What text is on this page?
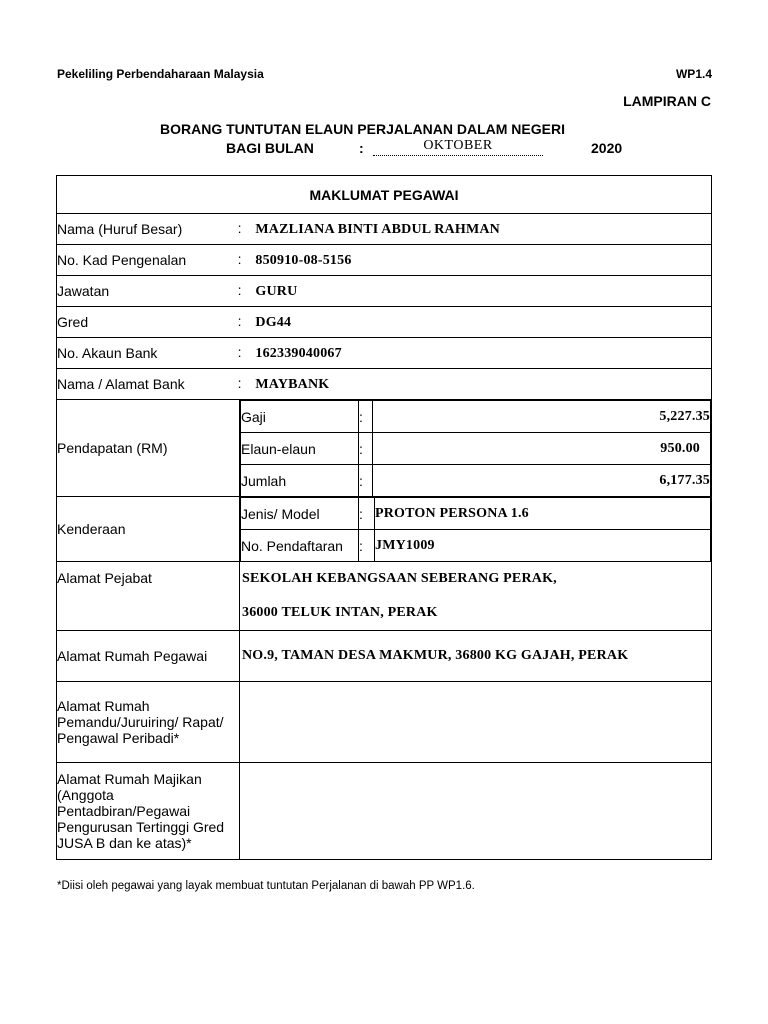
Pekeliling Perbendaharaan Malaysia	WP1.4
LAMPIRAN C
BORANG TUNTUTAN ELAUN PERJALANAN DALAM NEGERI
BAGI BULAN	:	OKTOBER	2020
MAKLUMAT PEGAWAI
Nama (Huruf Besar)	: MAZLIANA BINTI ABDUL RAHMAN
No. Kad Pengenalan	: 850910-08-5156
Jawatan	: GURU
Gred	: DG44
No. Akaun Bank	: 162339040067
Nama / Alamat Bank	: MAYBANK
Pendapatan (RM)	
Gaji	:	5,227.35
Elaun-elaun	:	950.00
Jumlah	:	6,177.35

Kenderaan	
Jenis/ Model	:	PROTON PERSONA 1.6
No. Pendaftaran	:	JMY1009

Alamat Pejabat	SEKOLAH KEBANGSAAN SEBERANG PERAK,
36000 TELUK INTAN, PERAK

Alamat Rumah Pegawai	NO.9, TAMAN DESA MAKMUR, 36800 KG GAJAH, PERAK
Alamat Rumah Pemandu/Juruiring/ Rapat/ Pengawal Peribadi*	
Alamat Rumah Majikan (Anggota Pentadbiran/Pegawai Pengurusan Tertinggi Gred JUSA B dan ke atas)*	
*Diisi oleh pegawai yang layak membuat tuntutan Perjalanan di bawah PP WP1.6.
